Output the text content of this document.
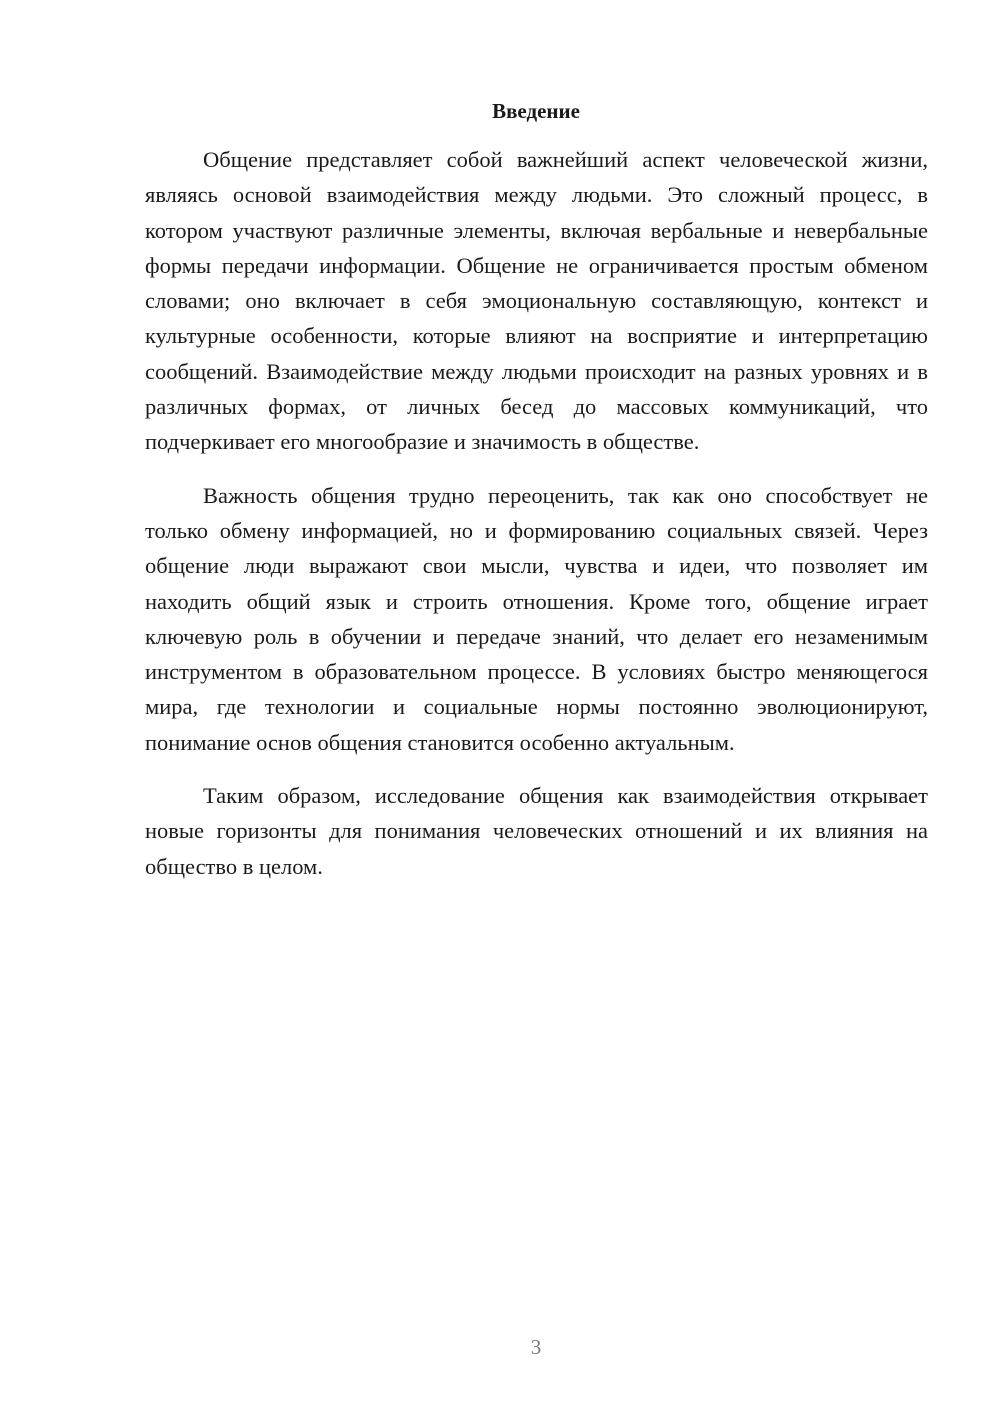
Введение

Общение представляет собой важнейший аспект человеческой жизни, являясь основой взаимодействия между людьми. Это сложный процесс, в котором участвуют различные элементы, включая вербальные и невербальные формы передачи информации. Общение не ограничивается простым обменом словами; оно включает в себя эмоциональную составляющую, контекст и культурные особенности, которые влияют на восприятие и интерпретацию сообщений. Взаимодействие между людьми происходит на разных уровнях и в различных формах, от личных бесед до массовых коммуникаций, что подчеркивает его многообразие и значимость в обществе.

Важность общения трудно переоценить, так как оно способствует не только обмену информацией, но и формированию социальных связей. Через общение люди выражают свои мысли, чувства и идеи, что позволяет им находить общий язык и строить отношения. Кроме того, общение играет ключевую роль в обучении и передаче знаний, что делает его незаменимым инструментом в образовательном процессе. В условиях быстро меняющегося мира, где технологии и социальные нормы постоянно эволюционируют, понимание основ общения становится особенно актуальным.

Таким образом, исследование общения как взаимодействия открывает новые горизонты для понимания человеческих отношений и их влияния на общество в целом.

3
